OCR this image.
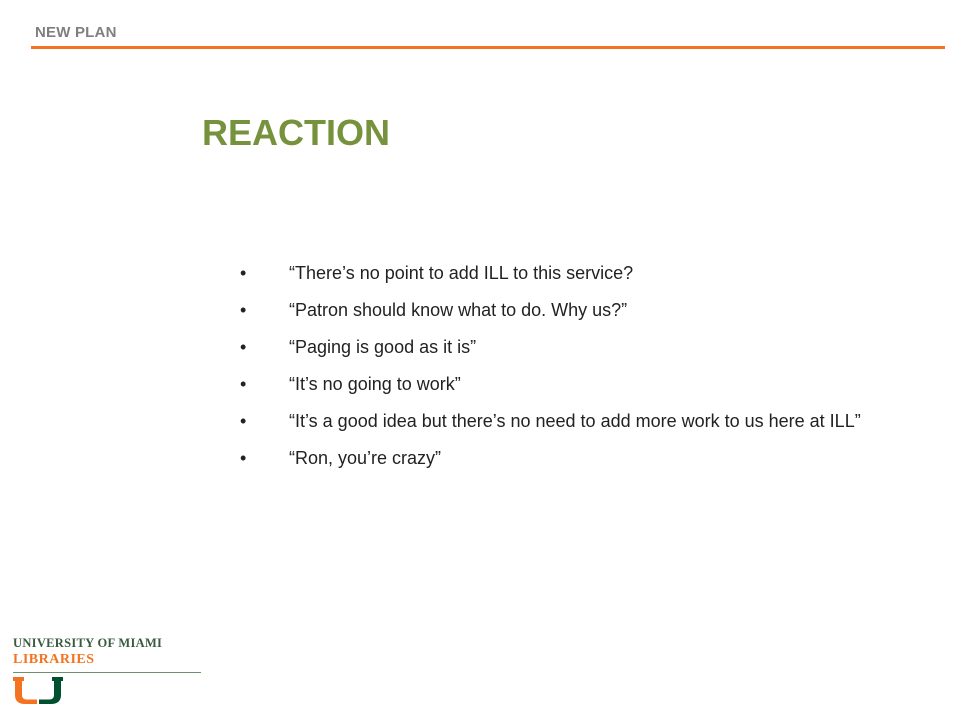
NEW PLAN
REACTION
• “There’s no point to add ILL to this service?
• “Patron should know what to do. Why us?”
• “Paging is good as it is”
• “It’s no going to work”
• “It’s a good idea but there’s no need to add more work to us here at ILL”
• “Ron, you’re crazy”
UNIVERSITY OF MIAMI
LIBRARIES
